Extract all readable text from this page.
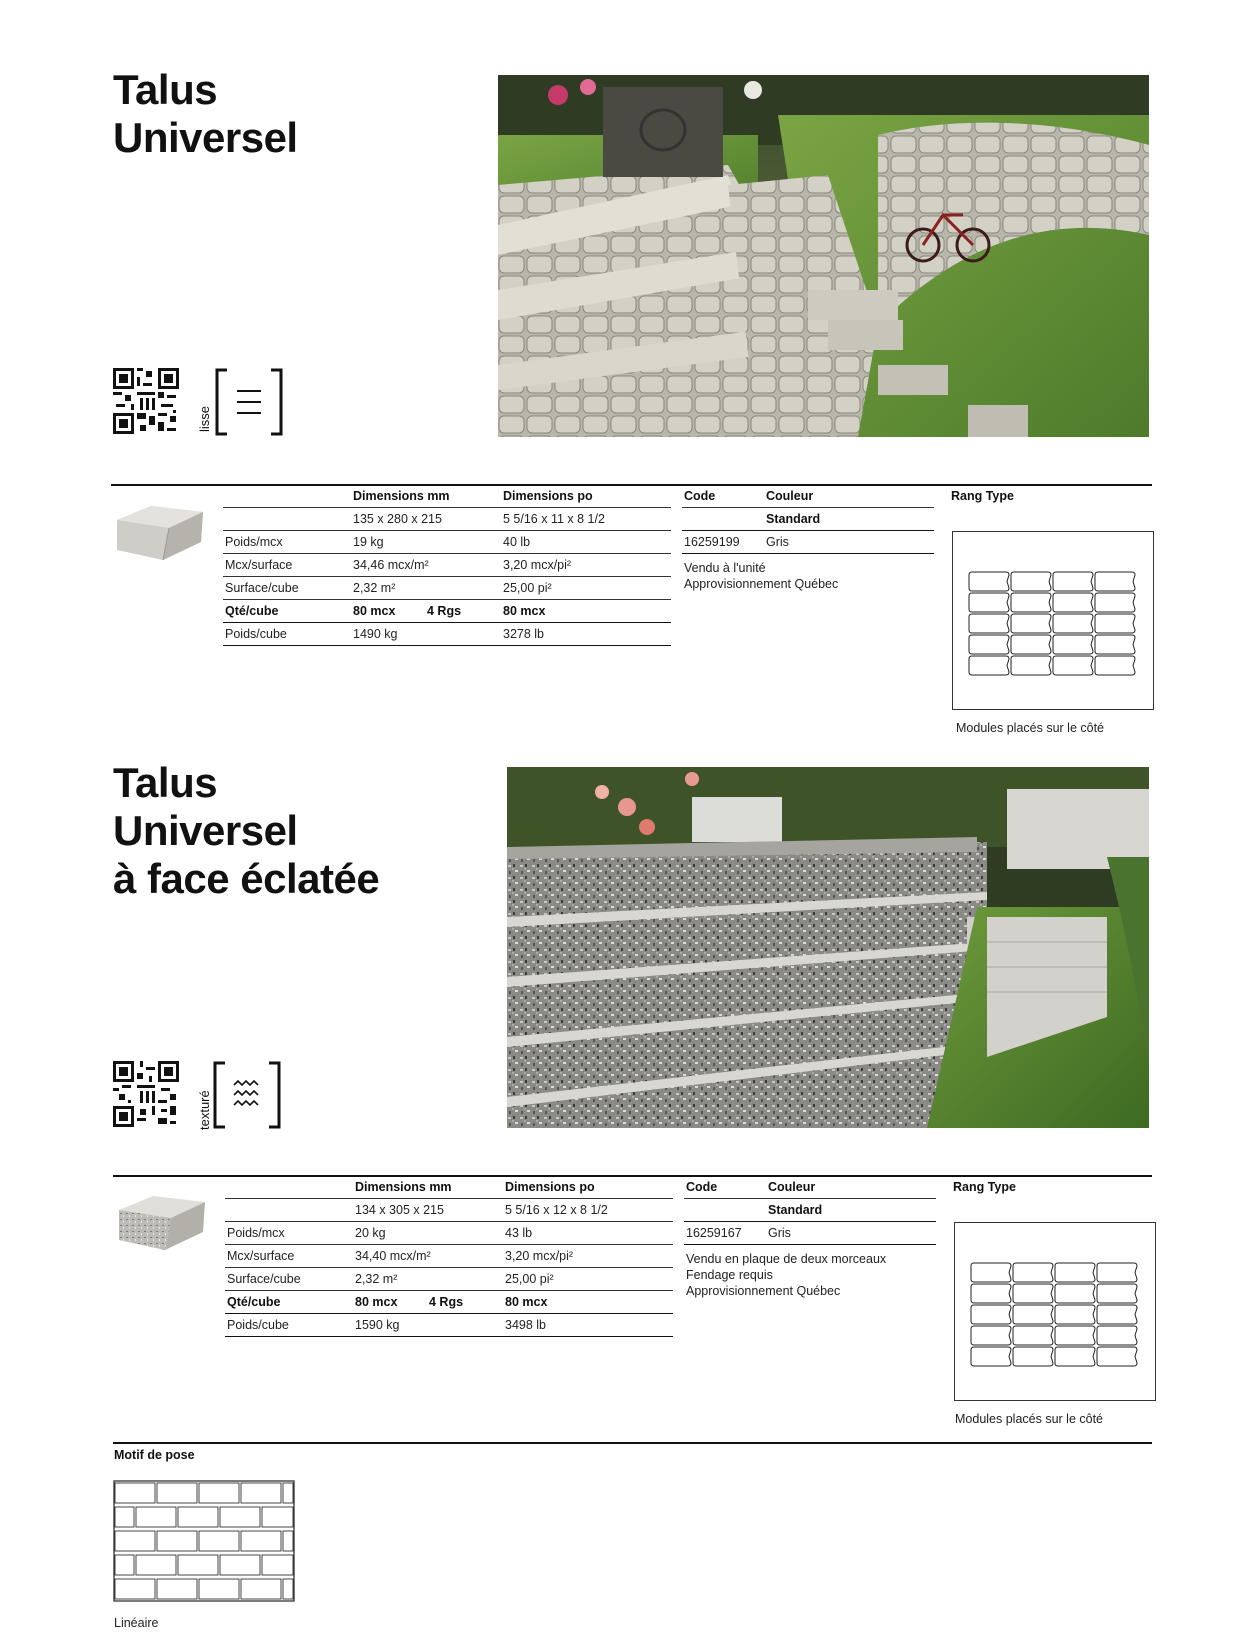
Talus
Universel
lisse
	Dimensions mm		Dimensions po
	135 x 280 x 215		5 5/16 x 11 x 8 1/2
Poids/mcx	19 kg		40 lb
Mcx/surface	34,46 mcx/m²		3,20 mcx/pi²
Surface/cube	2,32 m²		25,00 pi²
Qté/cube	80 mcx	4 Rgs	80 mcx
Poids/cube	1490 kg		3278 lb
Code	Couleur
	Standard
16259199	Gris
Vendu à l'unité
Approvisionnement Québec
Rang Type
Modules placés sur le côté
Talus
Universel
à face éclatée
texturé
	Dimensions mm		Dimensions po
	134 x 305 x 215		5 5/16 x 12 x 8 1/2
Poids/mcx	20 kg		43 lb
Mcx/surface	34,40 mcx/m²		3,20 mcx/pi²
Surface/cube	2,32 m²		25,00 pi²
Qté/cube	80 mcx	4 Rgs	80 mcx
Poids/cube	1590 kg		3498 lb
Code	Couleur
	Standard
16259167	Gris
Vendu en plaque de deux morceaux
Fendage requis
Approvisionnement Québec
Rang Type
Modules placés sur le côté
Motif de pose
Linéaire
